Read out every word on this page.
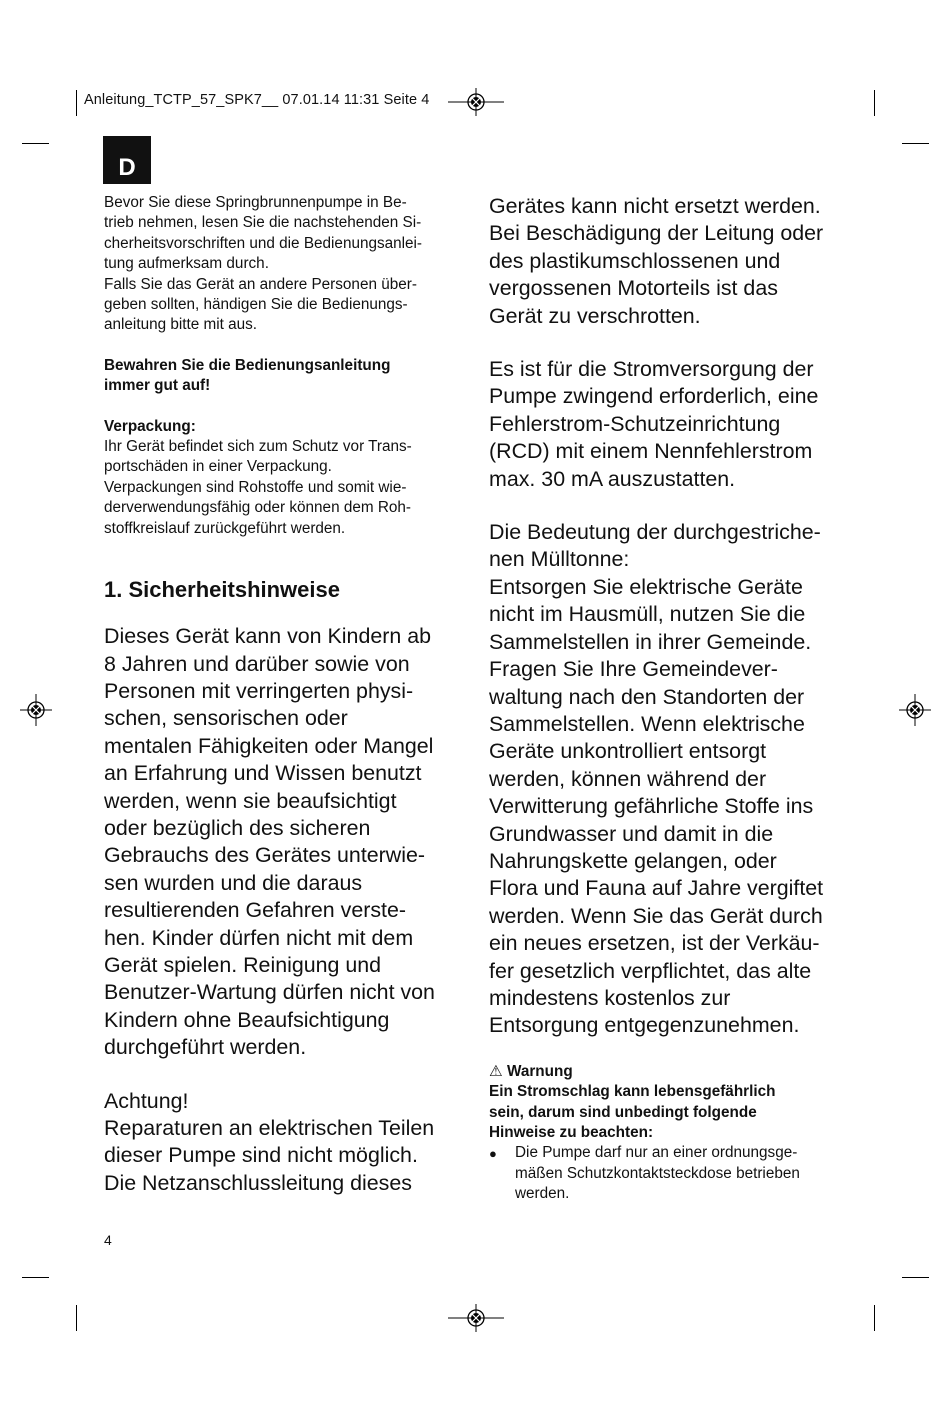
Anleitung_TCTP_57_SPK7__ 07.01.14 11:31 Seite 4
D

Bevor Sie diese Springbrunnenpumpe in Be-

trieb nehmen, lesen Sie die nachstehenden Si-

cherheitsvorschriften und die Bedienungsanlei-

tung aufmerksam durch.

Falls Sie das Gerät an andere Personen über-

geben sollten, händigen Sie die Bedienungs-

anleitung bitte mit aus.

Bewahren Sie die Bedienungsanleitung

immer gut auf!

Verpackung:

Ihr Gerät befindet sich zum Schutz vor Trans-

portschäden in einer Verpackung.

Verpackungen sind Rohstoffe und somit wie-

derverwendungsfähig oder können dem Roh-

stoffkreislauf zurückgeführt werden.

1. Sicherheitshinweise

Dieses Gerät kann von Kindern ab

8 Jahren und darüber sowie von

Personen mit verringerten physi-

schen, sensorischen oder

mentalen Fähigkeiten oder Mangel

an Erfahrung und Wissen benutzt

werden, wenn sie beaufsichtigt

oder bezüglich des sicheren

Gebrauchs des Gerätes unterwie-

sen wurden und die daraus

resultierenden Gefahren verste-

hen. Kinder dürfen nicht mit dem

Gerät spielen. Reinigung und

Benutzer-Wartung dürfen nicht von

Kindern ohne Beaufsichtigung

durchgeführt werden.

Achtung!

Reparaturen an elektrischen Teilen

dieser Pumpe sind nicht möglich.

Die Netzanschlussleitung dieses

Gerätes kann nicht ersetzt werden.

Bei Beschädigung der Leitung oder

des plastikumschlossenen und

vergossenen Motorteils ist das

Gerät zu verschrotten.

Es ist für die Stromversorgung der

Pumpe zwingend erforderlich, eine

Fehlerstrom-Schutzeinrichtung

(RCD) mit einem Nennfehlerstrom

max. 30 mA auszustatten.

Die Bedeutung der durchgestriche-

nen Mülltonne:

Entsorgen Sie elektrische Geräte

nicht im Hausmüll, nutzen Sie die

Sammelstellen in ihrer Gemeinde.

Fragen Sie Ihre Gemeindever-

waltung nach den Standorten der

Sammelstellen. Wenn elektrische

Geräte unkontrolliert entsorgt

werden, können während der

Verwitterung gefährliche Stoffe ins

Grundwasser und damit in die

Nahrungskette gelangen, oder

Flora und Fauna auf Jahre vergiftet

werden. Wenn Sie das Gerät durch

ein neues ersetzen, ist der Verkäu-

fer gesetzlich verpflichtet, das alte

mindestens kostenlos zur

Entsorgung entgegenzunehmen.

⚠ Warnung

Ein Stromschlag kann lebensgefährlich

sein, darum sind unbedingt folgende

Hinweise zu beachten:

●	Die Pumpe darf nur an einer ordnungsge-
mäßen Schutzkontaktsteckdose betrieben
werden.
4
